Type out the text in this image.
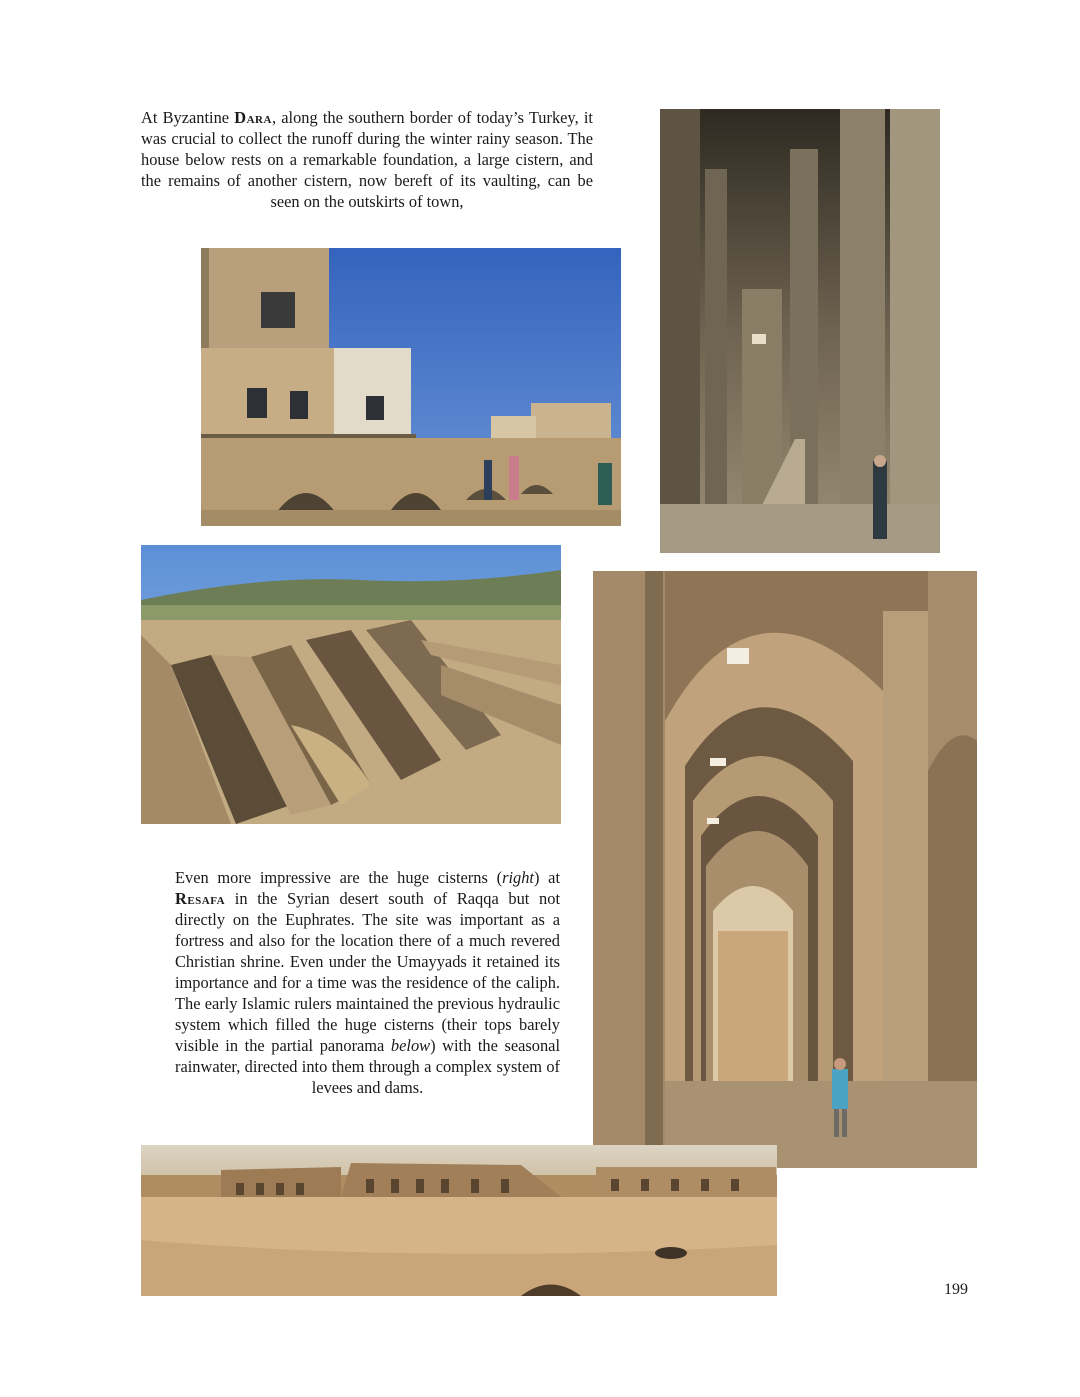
At Byzantine Dara, along the southern border of today’s Turkey, it was crucial to collect the runoff during the winter rainy season. The house below rests on a remarkable foundation, a large cistern, and the remains of another cistern, now bereft of its vaulting, can be seen on the outskirts of town,

Even more impressive are the huge cisterns (right) at Resafa in the Syrian desert south of Raqqa but not directly on the Euphrates. The site was important as a fortress and also for the location there of a much revered Christian shrine. Even under the Umayyads it retained its importance and for a time was the residence of the caliph. The early Islamic rulers maintained the previous hydraulic system which filled the huge cisterns (their tops barely visible in the partial panorama below) with the seasonal rainwater, directed into them through a complex system of levees and dams.

199
